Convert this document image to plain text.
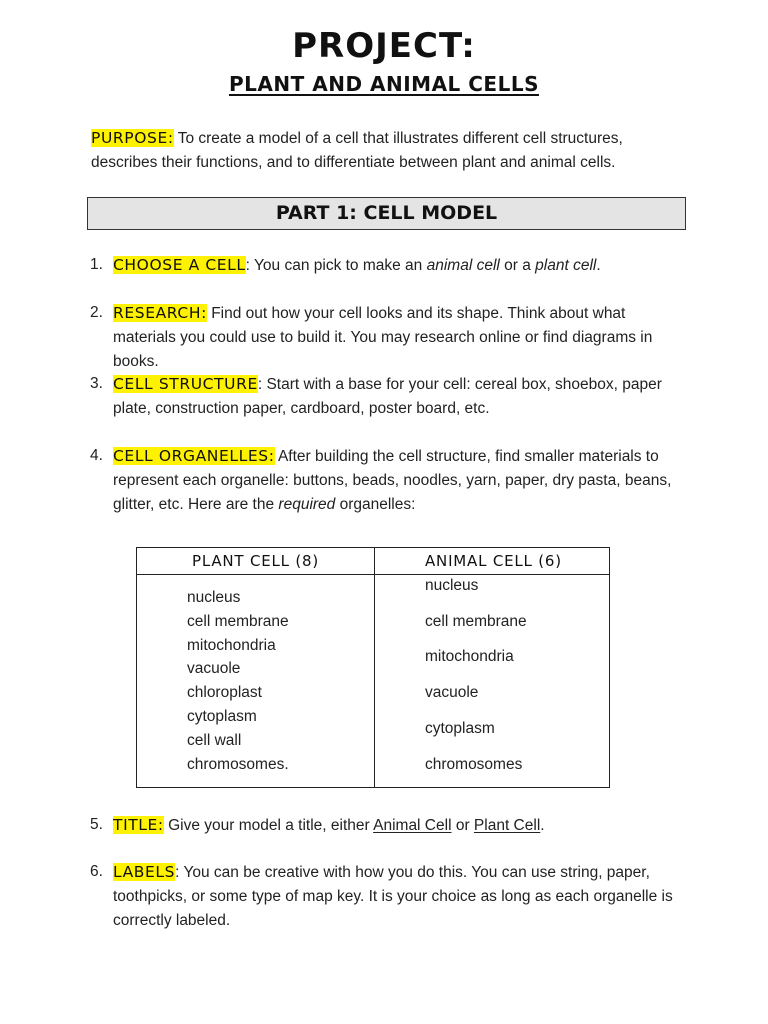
PROJECT:
PLANT AND ANIMAL CELLS
PURPOSE: To create a model of a cell that illustrates different cell structures, describes their functions, and to differentiate between plant and animal cells.
PART 1: CELL MODEL
1. CHOOSE A CELL: You can pick to make an animal cell or a plant cell.
2. RESEARCH: Find out how your cell looks and its shape. Think about what materials you could use to build it. You may research online or find diagrams in books.
3. CELL STRUCTURE: Start with a base for your cell: cereal box, shoebox, paper plate, construction paper, cardboard, poster board, etc.
4. CELL ORGANELLES: After building the cell structure, find smaller materials to represent each organelle: buttons, beads, noodles, yarn, paper, dry pasta, beans, glitter, etc. Here are the required organelles:
PLANT CELL (8)	ANIMAL CELL (6)
nucleus
cell membrane
mitochondria
vacuole
chloroplast
cytoplasm
cell wall
chromosomes.
nucleus
cell membrane
mitochondria
vacuole
cytoplasm
chromosomes
5. TITLE: Give your model a title, either Animal Cell or Plant Cell.
6. LABELS: You can be creative with how you do this. You can use string, paper, toothpicks, or some type of map key. It is your choice as long as each organelle is correctly labeled.
